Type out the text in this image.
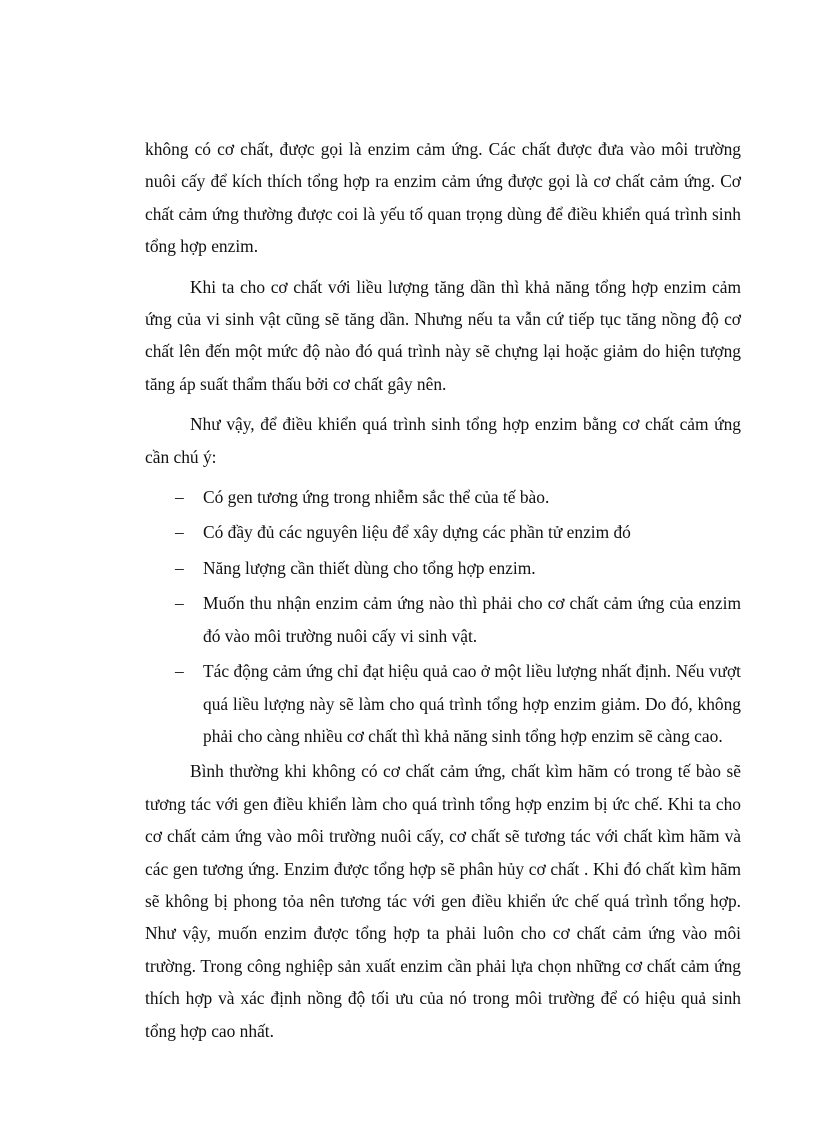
không có cơ chất, được gọi là enzim cảm ứng. Các chất được đưa vào môi trường nuôi cấy để kích thích tổng hợp ra enzim cảm ứng được gọi là cơ chất cảm ứng. Cơ chất cảm ứng thường được coi là yếu tố quan trọng dùng để điều khiển quá trình sinh tổng hợp enzim.

Khi ta cho cơ chất với liều lượng tăng dần thì khả năng tổng hợp enzim cảm ứng của vi sinh vật cũng sẽ tăng dần. Nhưng nếu ta vẫn cứ tiếp tục tăng nồng độ cơ chất lên đến một mức độ nào đó quá trình này sẽ chựng lại hoặc giảm do hiện tượng tăng áp suất thẩm thấu bởi cơ chất gây nên.

Như vậy, để điều khiển quá trình sinh tổng hợp enzim bằng cơ chất cảm ứng cần chú ý:

– Có gen tương ứng trong nhiễm sắc thể của tế bào.
– Có đầy đủ các nguyên liệu để xây dựng các phần tử enzim đó
– Năng lượng cần thiết dùng cho tổng hợp enzim.
– Muốn thu nhận enzim cảm ứng nào thì phải cho cơ chất cảm ứng của enzim đó vào môi trường nuôi cấy vi sinh vật.
– Tác động cảm ứng chỉ đạt hiệu quả cao ở một liều lượng nhất định. Nếu vượt quá liều lượng này sẽ làm cho quá trình tổng hợp enzim giảm. Do đó, không phải cho càng nhiều cơ chất thì khả năng sinh tổng hợp enzim sẽ càng cao.

Bình thường khi không có cơ chất cảm ứng, chất kìm hãm có trong tế bào sẽ tương tác với gen điều khiển làm cho quá trình tổng hợp enzim bị ức chế. Khi ta cho cơ chất cảm ứng vào môi trường nuôi cấy, cơ chất sẽ tương tác với chất kìm hãm và các gen tương ứng. Enzim được tổng hợp sẽ phân hủy cơ chất . Khi đó chất kìm hãm sẽ không bị phong tỏa nên tương tác với gen điều khiển ức chế quá trình tổng hợp. Như vậy, muốn enzim được tổng hợp ta phải luôn cho cơ chất cảm ứng vào môi trường. Trong công nghiệp sản xuất enzim cần phải lựa chọn những cơ chất cảm ứng thích hợp và xác định nồng độ tối ưu của nó trong môi trường để có hiệu quả sinh tổng hợp cao nhất.
